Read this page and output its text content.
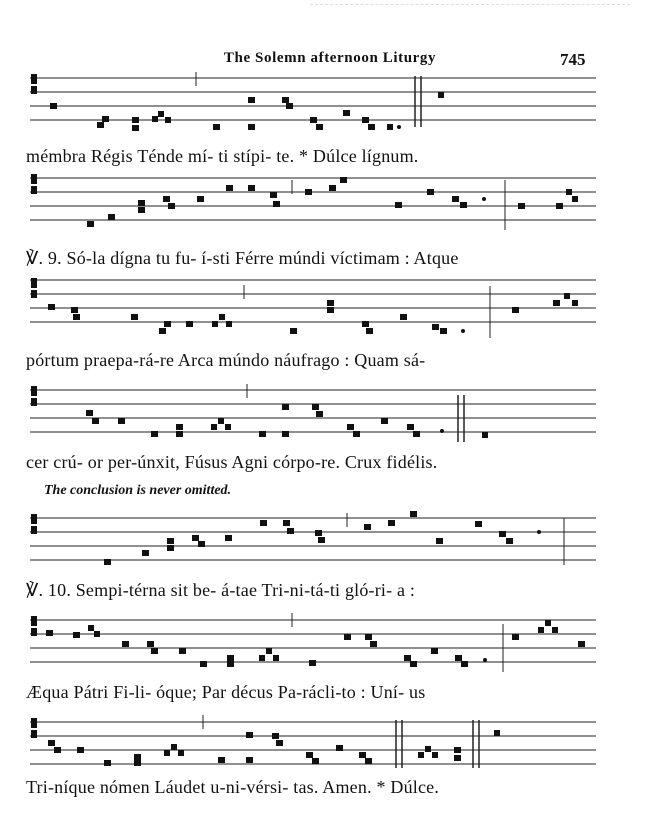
The Solemn afternoon Liturgy	745
mémbra Régis Ténde mí- ti stípi- te. * Dúlce lígnum.
℣. 9. Só-la dígna tu fu- í-sti Férre múndi víctimam : Atque
pórtum praepa-rá-re Arca múndo náufrago : Quam sá-
cer crú- or per-únxit, Fúsus Agni córpo-re. Crux fidélis.
The conclusion is never omitted.
℣. 10. Sempi-térna sit be- á-tae Tri-ni-tá-ti gló-ri- a :
Æqua Pátri Fi-li- óque; Par décus Pa-rácli-to : Uní- us
Tri-níque nómen Láudet u-ni-vérsi- tas. Amen. * Dúlce.
